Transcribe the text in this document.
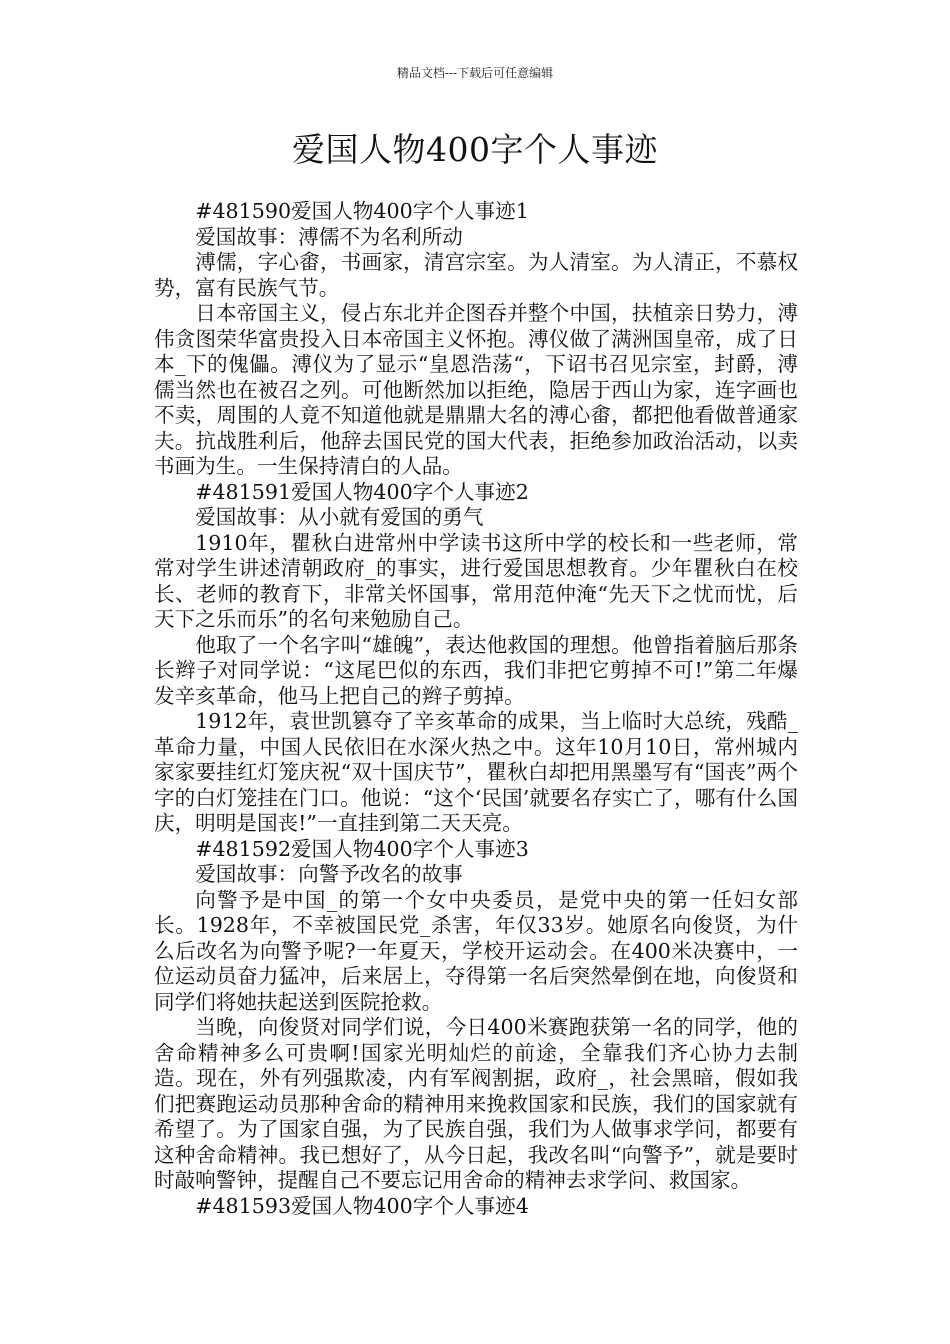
精品文档---下载后可任意编辑
爱国人物400字个人事迹

#481590爱国人物400字个人事迹1

爱国故事：溥儒不为名利所动

溥儒，字心畬，书画家，清宫宗室。为人清室。为人清正，不慕权势，富有民族气节。

日本帝国主义，侵占东北并企图吞并整个中国，扶植亲日势力，溥伟贪图荣华富贵投入日本帝国主义怀抱。溥仪做了满洲国皇帝，成了日本_下的傀儡。溥仪为了显示“皇恩浩荡“，下诏书召见宗室，封爵，溥儒当然也在被召之列。可他断然加以拒绝，隐居于西山为家，连字画也不卖，周围的人竟不知道他就是鼎鼎大名的溥心畬，都把他看做普通家夫。抗战胜利后，他辞去国民党的国大代表，拒绝参加政治活动，以卖书画为生。一生保持清白的人品。

#481591爱国人物400字个人事迹2

爱国故事：从小就有爱国的勇气

1910年，瞿秋白进常州中学读书这所中学的校长和一些老师，常常对学生讲述清朝政府_的事实，进行爱国思想教育。少年瞿秋白在校长、老师的教育下，非常关怀国事，常用范仲淹“先天下之忧而忧，后天下之乐而乐”的名句来勉励自己。

他取了一个名字叫“雄魄”，表达他救国的理想。他曾指着脑后那条长辫子对同学说：“这尾巴似的东西，我们非把它剪掉不可!”第二年爆发辛亥革命，他马上把自己的辫子剪掉。

1912年，袁世凯篡夺了辛亥革命的成果，当上临时大总统，残酷_革命力量，中国人民依旧在水深火热之中。这年10月10日，常州城内家家要挂红灯笼庆祝“双十国庆节”，瞿秋白却把用黑墨写有“国丧”两个字的白灯笼挂在门口。他说：“这个‘民国’就要名存实亡了，哪有什么国庆，明明是国丧!”一直挂到第二天天亮。

#481592爱国人物400字个人事迹3

爱国故事：向警予改名的故事

向警予是中国_的第一个女中央委员，是党中央的第一任妇女部长。1928年，不幸被国民党_杀害，年仅33岁。她原名向俊贤，为什么后改名为向警予呢?一年夏天，学校开运动会。在400米决赛中，一位运动员奋力猛冲，后来居上，夺得第一名后突然晕倒在地，向俊贤和同学们将她扶起送到医院抢救。

当晚，向俊贤对同学们说，今日400米赛跑获第一名的同学，他的舍命精神多么可贵啊!国家光明灿烂的前途，全靠我们齐心协力去制造。现在，外有列强欺凌，内有军阀割据，政府_，社会黑暗，假如我们把赛跑运动员那种舍命的精神用来挽救国家和民族，我们的国家就有希望了。为了国家自强，为了民族自强，我们为人做事求学问，都要有这种舍命精神。我已想好了，从今日起，我改名叫“向警予”，就是要时时敲响警钟，提醒自己不要忘记用舍命的精神去求学问、救国家。

#481593爱国人物400字个人事迹4
